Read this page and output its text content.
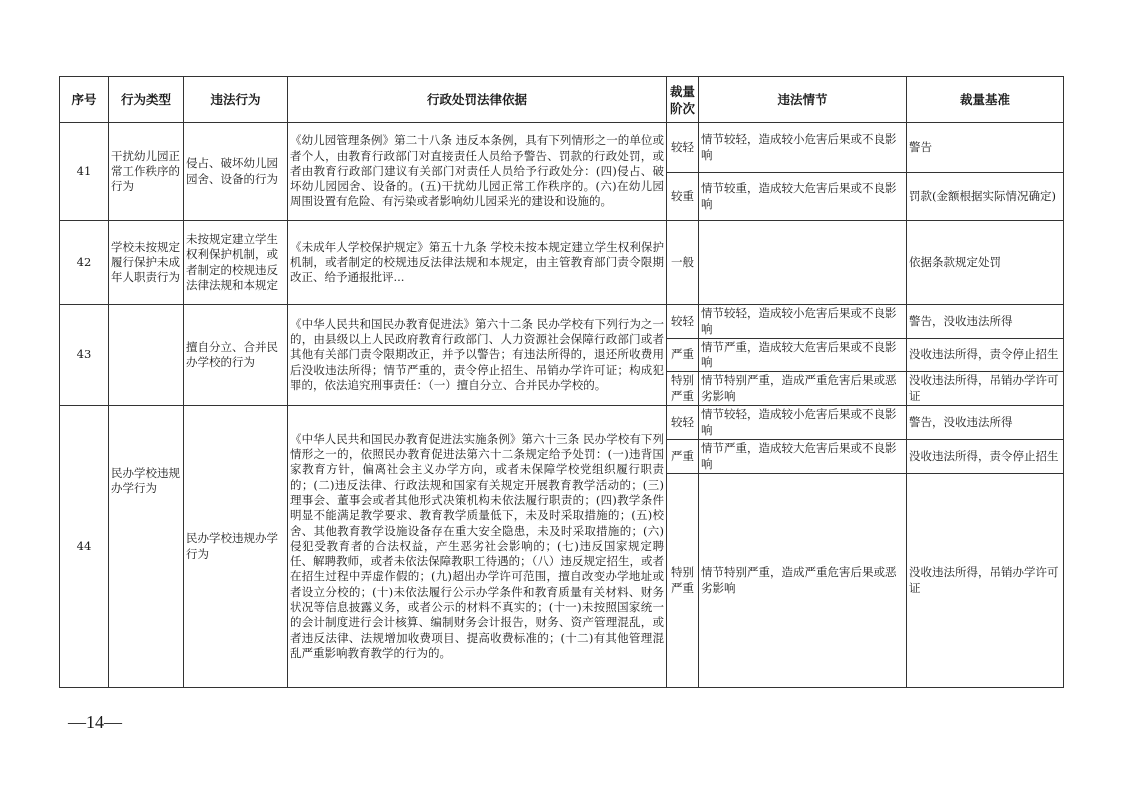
序号	行为类型	违法行为	行政处罚法律依据	裁量阶次	违法情节	裁量基准
41	干扰幼儿园正常工作秩序的行为	侵占、破坏幼儿园园舍、设备的行为	《幼儿园管理条例》第二十八条 违反本条例，具有下列情形之一的单位或者个人，由教育行政部门对直接责任人员给予警告、罚款的行政处罚，或者由教育行政部门建议有关部门对责任人员给予行政处分：(四)侵占、破坏幼儿园园舍、设备的。(五)干扰幼儿园正常工作秩序的。(六)在幼儿园周围设置有危险、有污染或者影响幼儿园采光的建设和设施的。	较轻	情节较轻，造成较小危害后果或不良影响	警告
				较重	情节较重，造成较大危害后果或不良影响	罚款(金额根据实际情况确定)
42	学校未按规定履行保护未成年人职责行为	未按规定建立学生权利保护机制，或者制定的校规违反法律法规和本规定	《未成年人学校保护规定》第五十九条 学校未按本规定建立学生权利保护机制，或者制定的校规违反法律法规和本规定，由主管教育部门责令限期改正、给予通报批评...	一般		依据条款规定处罚
43		擅自分立、合并民办学校的行为	《中华人民共和国民办教育促进法》第六十二条 民办学校有下列行为之一的，由县级以上人民政府教育行政部门、人力资源社会保障行政部门或者其他有关部门责令限期改正，并予以警告；有违法所得的，退还所收费用后没收违法所得；情节严重的，责令停止招生、吊销办学许可证；构成犯罪的，依法追究刑事责任：（一）擅自分立、合并民办学校的。	较轻	情节较轻，造成较小危害后果或不良影响	警告，没收违法所得
				严重	情节严重，造成较大危害后果或不良影响	没收违法所得，责令停止招生
				特别严重	情节特别严重，造成严重危害后果或恶劣影响	没收违法所得，吊销办学许可证
44	民办学校违规办学行为	民办学校违规办学行为	《中华人民共和国民办教育促进法实施条例》第六十三条 民办学校有下列情形之一的，依照民办教育促进法第六十二条规定给予处罚：(一)违背国家教育方针，偏离社会主义办学方向，或者未保障学校党组织履行职责的；(二)违反法律、行政法规和国家有关规定开展教育教学活动的；(三)理事会、董事会或者其他形式决策机构未依法履行职责的；(四)教学条件明显不能满足教学要求、教育教学质量低下，未及时采取措施的；(五)校舍、其他教育教学设施设备存在重大安全隐患，未及时采取措施的；(六)侵犯受教育者的合法权益，产生恶劣社会影响的；(七)违反国家规定聘任、解聘教师，或者未依法保障教职工待遇的；（八）违反规定招生，或者在招生过程中弄虚作假的；(九)超出办学许可范围，擅自改变办学地址或者设立分校的；(十)未依法履行公示办学条件和教育质量有关材料、财务状况等信息披露义务，或者公示的材料不真实的；(十一)未按照国家统一的会计制度进行会计核算、编制财务会计报告，财务、资产管理混乱，或者违反法律、法规增加收费项目、提高收费标准的；(十二)有其他管理混乱严重影响教育教学的行为的。	较轻	情节较轻，造成较小危害后果或不良影响	警告，没收违法所得
				严重	情节严重，造成较大危害后果或不良影响	没收违法所得，责令停止招生
				特别严重	情节特别严重，造成严重危害后果或恶劣影响	没收违法所得，吊销办学许可证
—14—
